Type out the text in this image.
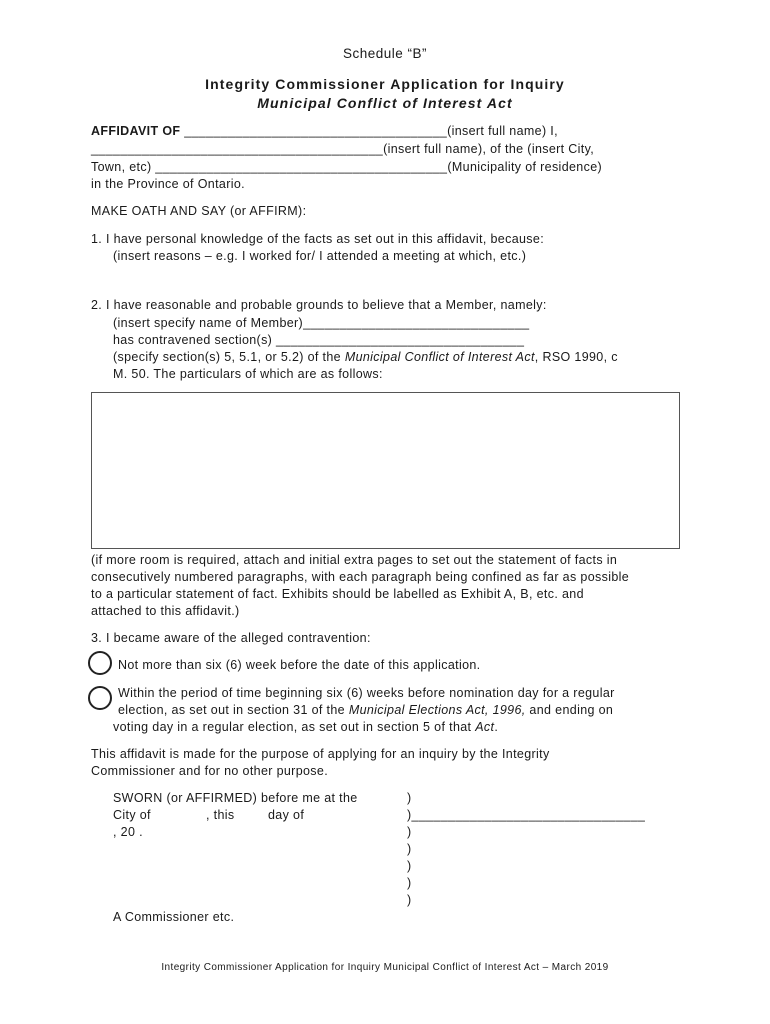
Schedule “B”
Integrity Commissioner Application for Inquiry
Municipal Conflict of Interest Act
AFFIDAVIT OF ____________________________________(insert full name) I,
________________________________________(insert full name), of the (insert City,
Town, etc) ________________________________________(Municipality of residence)
in the Province of Ontario.
MAKE OATH AND SAY (or AFFIRM):
1. I have personal knowledge of the facts as set out in this affidavit, because:
(insert reasons – e.g. I worked for/ I attended a meeting at which, etc.)
2. I have reasonable and probable grounds to believe that a Member, namely:
(insert specify name of Member)_______________________________
has contravened section(s) __________________________________
(specify section(s) 5, 5.1, or 5.2) of the Municipal Conflict of Interest Act, RSO 1990, c
M. 50. The particulars of which are as follows:
(if more room is required, attach and initial extra pages to set out the statement of facts in
consecutively numbered paragraphs, with each paragraph being confined as far as possible
to a particular statement of fact. Exhibits should be labelled as Exhibit A, B, etc. and
attached to this affidavit.)
3. I became aware of the alleged contravention:
Not more than six (6) week before the date of this application.
Within the period of time beginning six (6) weeks before nomination day for a regular
election, as set out in section 31 of the Municipal Elections Act, 1996, and ending on
voting day in a regular election, as set out in section 5 of that Act.
This affidavit is made for the purpose of applying for an inquiry by the Integrity
Commissioner and for no other purpose.
SWORN (or AFFIRMED) before me at the
City of	, this	day of
, 20 .
A Commissioner etc.
)
)________________________________
)
)
)
)
)
Integrity Commissioner Application for Inquiry Municipal Conflict of Interest Act – March 2019
